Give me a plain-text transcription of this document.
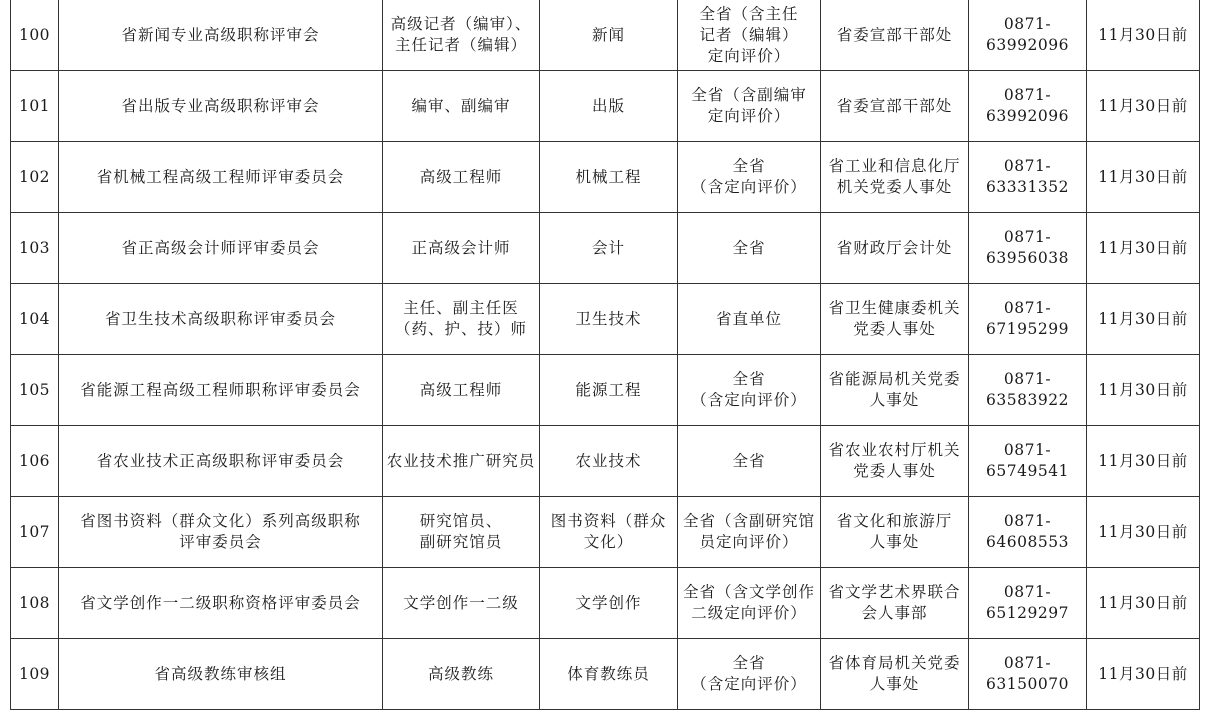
100	省新闻专业高级职称评审会	高级记者（编审）、
主任记者（编辑）	新闻	全省（含主任
记者（编辑）
定向评价）	省委宣部干部处	0871-63992096	11月30日前
101	省出版专业高级职称评审会	编审、副编审	出版	全省（含副编审
定向评价）	省委宣部干部处	0871-63992096	11月30日前
102	省机械工程高级工程师评审委员会	高级工程师	机械工程	全省
（含定向评价）	省工业和信息化厅
机关党委人事处	0871-63331352	11月30日前
103	省正高级会计师评审委员会	正高级会计师	会计	全省	省财政厅会计处	0871-63956038	11月30日前
104	省卫生技术高级职称评审委员会	主任、副主任医
（药、护、技）师	卫生技术	省直单位	省卫生健康委机关
党委人事处	0871-67195299	11月30日前
105	省能源工程高级工程师职称评审委员会	高级工程师	能源工程	全省
（含定向评价）	省能源局机关党委
人事处	0871-63583922	11月30日前
106	省农业技术正高级职称评审委员会	农业技术推广研究员	农业技术	全省	省农业农村厅机关
党委人事处	0871-65749541	11月30日前
107	省图书资料（群众文化）系列高级职称
评审委员会	研究馆员、
副研究馆员	图书资料（群众
文化）	全省（含副研究馆
员定向评价）	省文化和旅游厅
人事处	0871-64608553	11月30日前
108	省文学创作一二级职称资格评审委员会	文学创作一二级	文学创作	全省（含文学创作
二级定向评价）	省文学艺术界联合
会人事部	0871-65129297	11月30日前
109	省高级教练审核组	高级教练	体育教练员	全省
（含定向评价）	省体育局机关党委
人事处	0871-63150070	11月30日前
